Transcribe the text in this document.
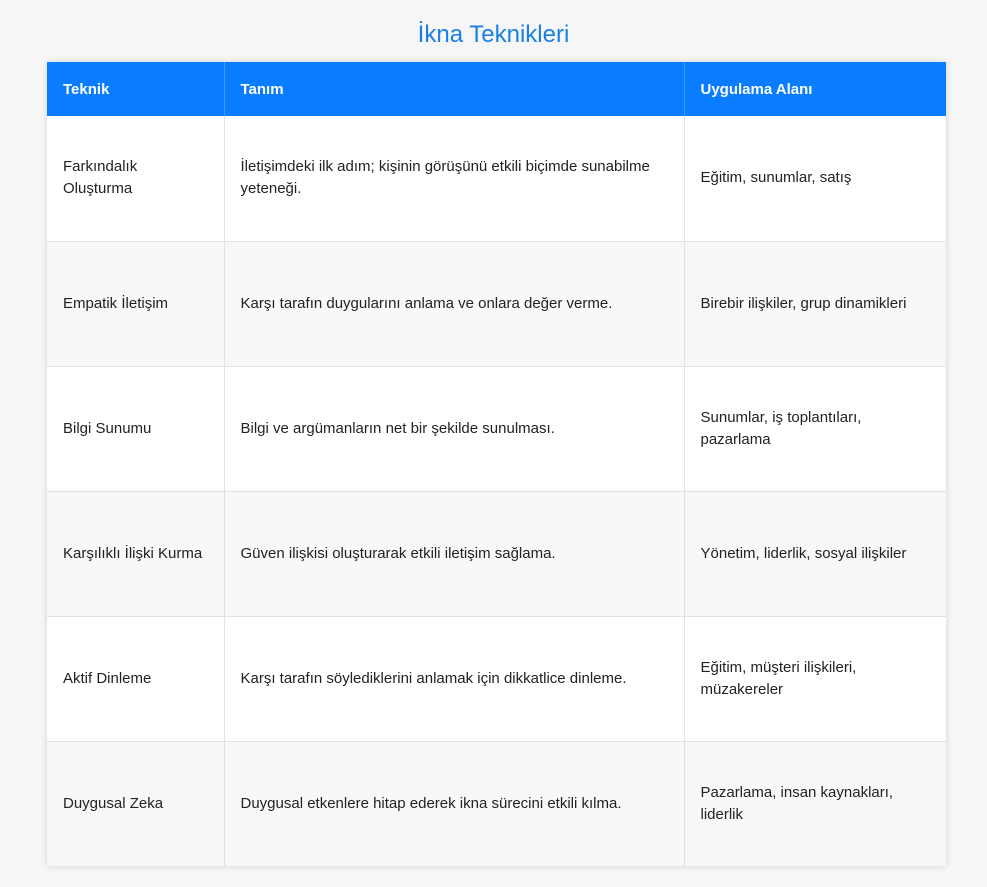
İkna Teknikleri
Teknik	Tanım	Uygulama Alanı
Farkındalık Oluşturma	İletişimdeki ilk adım; kişinin görüşünü etkili biçimde sunabilme yeteneği.	Eğitim, sunumlar, satış
Empatik İletişim	Karşı tarafın duygularını anlama ve onlara değer verme.	Birebir ilişkiler, grup dinamikleri
Bilgi Sunumu	Bilgi ve argümanların net bir şekilde sunulması.	Sunumlar, iş toplantıları, pazarlama
Karşılıklı İlişki Kurma	Güven ilişkisi oluşturarak etkili iletişim sağlama.	Yönetim, liderlik, sosyal ilişkiler
Aktif Dinleme	Karşı tarafın söylediklerini anlamak için dikkatlice dinleme.	Eğitim, müşteri ilişkileri, müzakereler
Duygusal Zeka	Duygusal etkenlere hitap ederek ikna sürecini etkili kılma.	Pazarlama, insan kaynakları, liderlik
